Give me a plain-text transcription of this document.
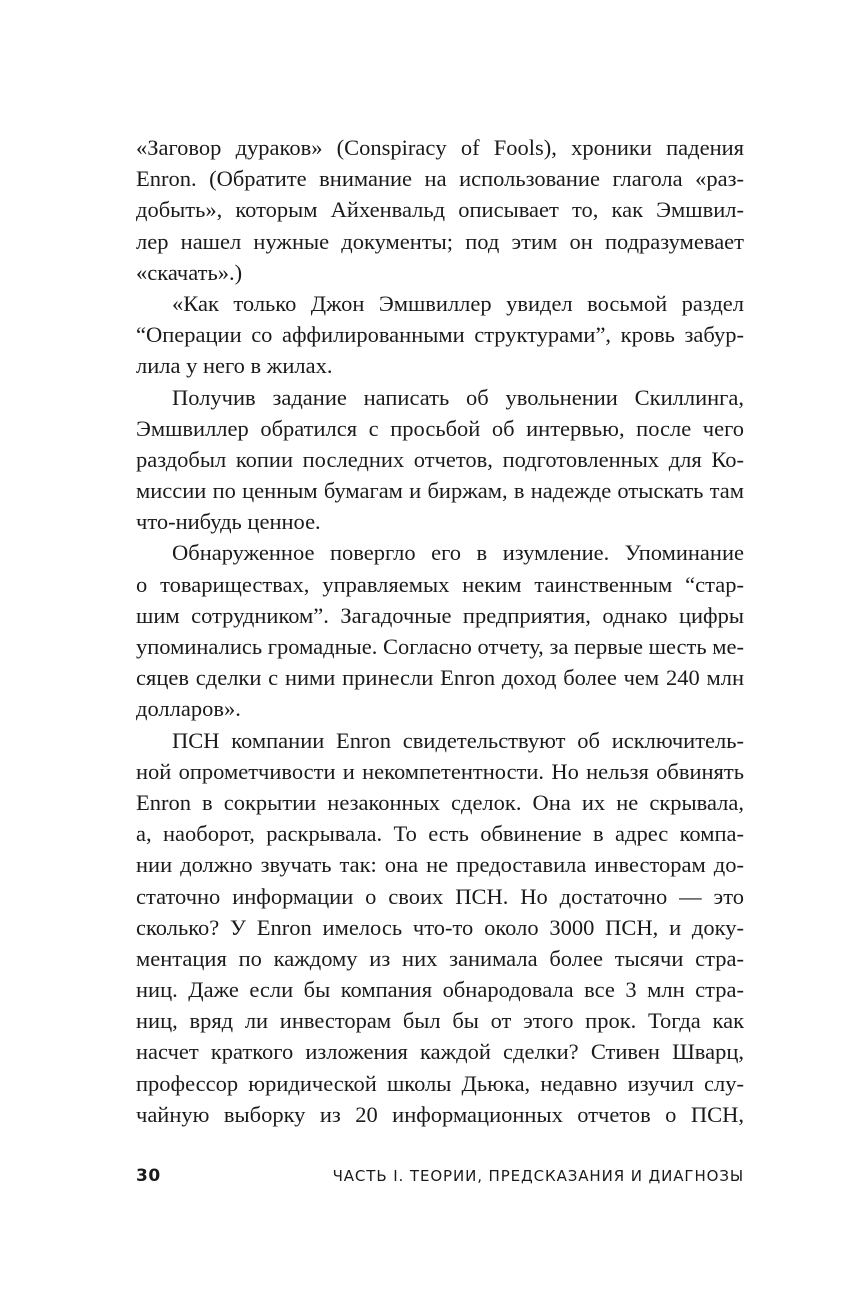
«Заговор дураков» (Conspiracy of Fools), хроники падения
Enron. (Обратите внимание на использование глагола «раз-
добыть», которым Айхенвальд описывает то, как Эмшвил-
лер нашел нужные документы; под этим он подразумевает
«скачать».)
«Как только Джон Эмшвиллер увидел восьмой раздел
“Операции со аффилированными структурами”, кровь забур-
лила у него в жилах.
Получив задание написать об увольнении Скиллинга,
Эмшвиллер обратился с просьбой об интервью, после чего
раздобыл копии последних отчетов, подготовленных для Ко-
миссии по ценным бумагам и биржам, в надежде отыскать там
что-нибудь ценное.
Обнаруженное повергло его в изумление. Упоминание
о товариществах, управляемых неким таинственным “стар-
шим сотрудником”. Загадочные предприятия, однако цифры
упоминались громадные. Согласно отчету, за первые шесть ме-
сяцев сделки с ними принесли Enron доход более чем 240 млн
долларов».
ПСН компании Enron свидетельствуют об исключитель-
ной опрометчивости и некомпетентности. Но нельзя обвинять
Enron в сокрытии незаконных сделок. Она их не скрывала,
а, наоборот, раскрывала. То есть обвинение в адрес компа-
нии должно звучать так: она не предоставила инвесторам до-
статочно информации о своих ПСН. Но достаточно — это
сколько? У Enron имелось что-то около 3000 ПСН, и доку-
ментация по каждому из них занимала более тысячи стра-
ниц. Даже если бы компания обнародовала все 3 млн стра-
ниц, вряд ли инвесторам был бы от этого прок. Тогда как
насчет краткого изложения каждой сделки? Стивен Шварц,
профессор юридической школы Дьюка, недавно изучил слу-
чайную выборку из 20 информационных отчетов о ПСН,
30	ЧАСТЬ I. ТЕОРИИ, ПРЕДСКАЗАНИЯ И ДИАГНОЗЫ
